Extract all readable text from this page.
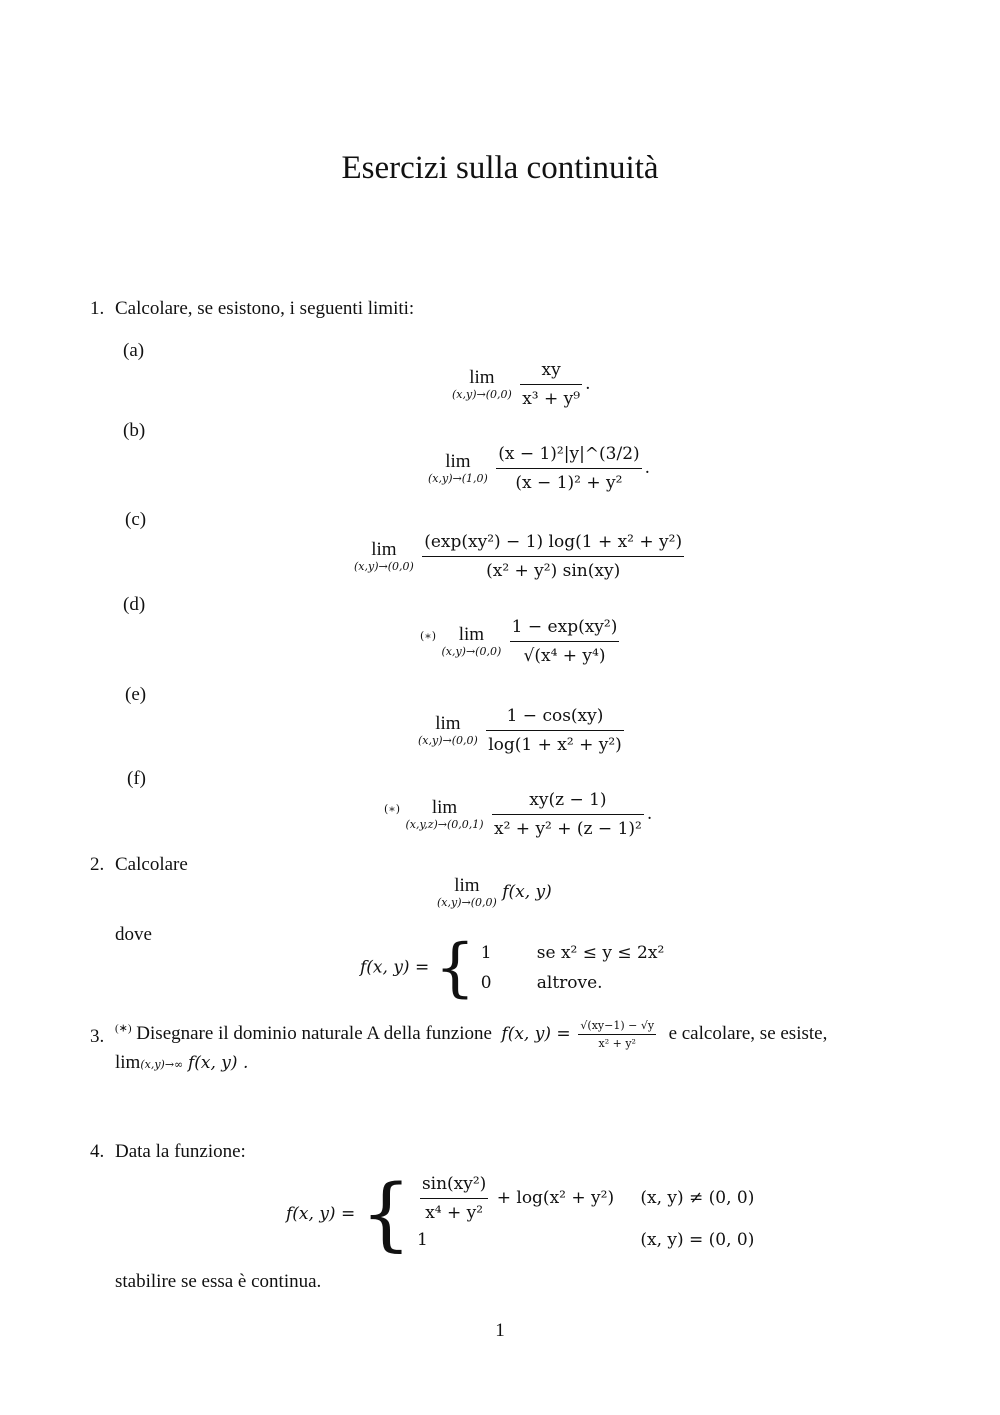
Esercizi sulla continuità
1. Calcolare, se esistono, i seguenti limiti:
(a)
lim
(x,y)→(0,0)
$\frac{xy}{\text{x³ + y⁹}}$ .
(b)
lim
(x,y)→(1,0)
$\frac{\text{(x − 1)²|y|\textasciicircum{}(3/2)}}{\text{(x − 1)² + y²}}$ .
(c)
lim
(x,y)→(0,0)
$\frac{\text{(exp(xy²) − 1) log(1 + x² + y²)}}{\text{(x² + y²) sin(xy)}}$
(d)
(∗)	lim
(x,y)→(0,0)
$\frac{\text{1 − exp(xy²)}}{\text{√(x⁴ + y⁴)}}$
(e)
lim
(x,y)→(0,0)
$\frac{1 - \cos(xy)}{\text{log(1 + x² + y²)}}$
(f)
(∗)	lim
(x,y,z)→(0,0,1)
$\frac{xy(z - 1)}{\text{x² + y² + (z − 1)²}}$ .
2. Calcolare
lim
(x,y)→(0,0)
f(x, y)
dove
f(x, y) = { 1	se x² ≤ y ≤ 2x²
0	altrove.
3. (∗) Disegnare il dominio naturale A della funzione f(x, $y) = \frac{√(xy-1) - √y}{\text{x² + y²}}$ e calcolare, se esiste,
lim(x,y)→∞ f(x, y) .
4. Data la funzione:
f(x, y) = { $\frac{\text{sin(xy²)}}{\text{x⁴ + y²}} + \log(x^2 + y^2)$ (x, y) ≠ (0, 0)
1	(x, y) = (0, 0)
stabilire se essa è continua.
1
